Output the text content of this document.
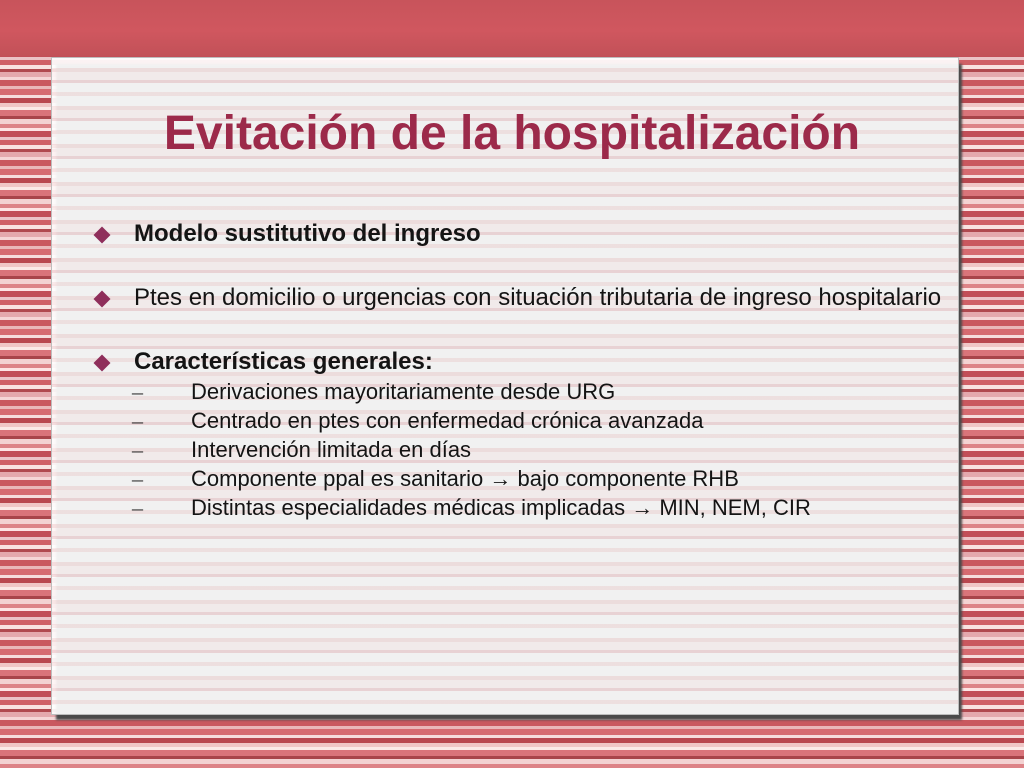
Evitación de la hospitalización
Modelo sustitutivo del ingreso
Ptes en domicilio o urgencias con situación tributaria de ingreso hospitalario
Características generales:
– Derivaciones mayoritariamente desde URG
– Centrado en ptes con enfermedad crónica avanzada
– Intervención limitada en días
– Componente ppal es sanitario → bajo componente RHB
– Distintas especialidades médicas implicadas → MIN, NEM, CIR
